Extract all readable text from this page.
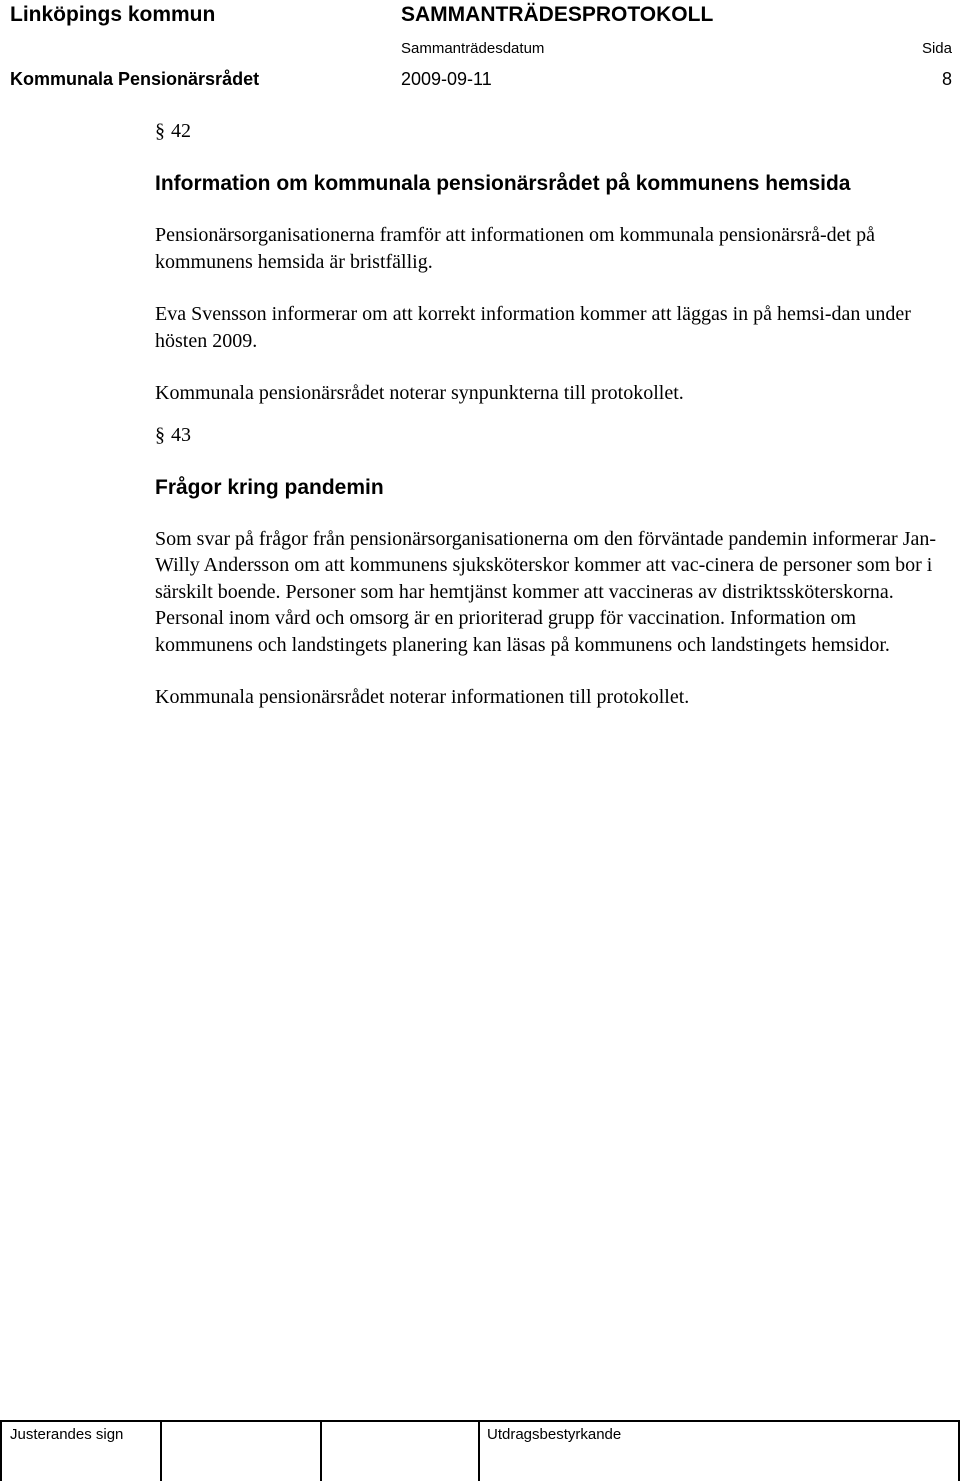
Linköpings kommun	SAMMANTRÄDESPROTOKOLL
Sammanträdesdatum	Sida
Kommunala Pensionärsrådet	2009-09-11	8
§ 42
Information om kommunala pensionärsrådet på kommunens hemsida

Pensionärsorganisationerna framför att informationen om kommunala pensionärsrå-det på kommunens hemsida är bristfällig.

Eva Svensson informerar om att korrekt information kommer att läggas in på hemsi-dan under hösten 2009.

Kommunala pensionärsrådet noterar synpunkterna till protokollet.

§ 43
Frågor kring pandemin

Som svar på frågor från pensionärsorganisationerna om den förväntade pandemin informerar Jan-Willy Andersson om att kommunens sjuksköterskor kommer att vac-cinera de personer som bor i särskilt boende. Personer som har hemtjänst kommer att vaccineras av distriktssköterskorna. Personal inom vård och omsorg är en prioriterad grupp för vaccination. Information om kommunens och landstingets planering kan läsas på kommunens och landstingets hemsidor.

Kommunala pensionärsrådet noterar informationen till protokollet.

Justerandes sign	Utdragsbestyrkande
